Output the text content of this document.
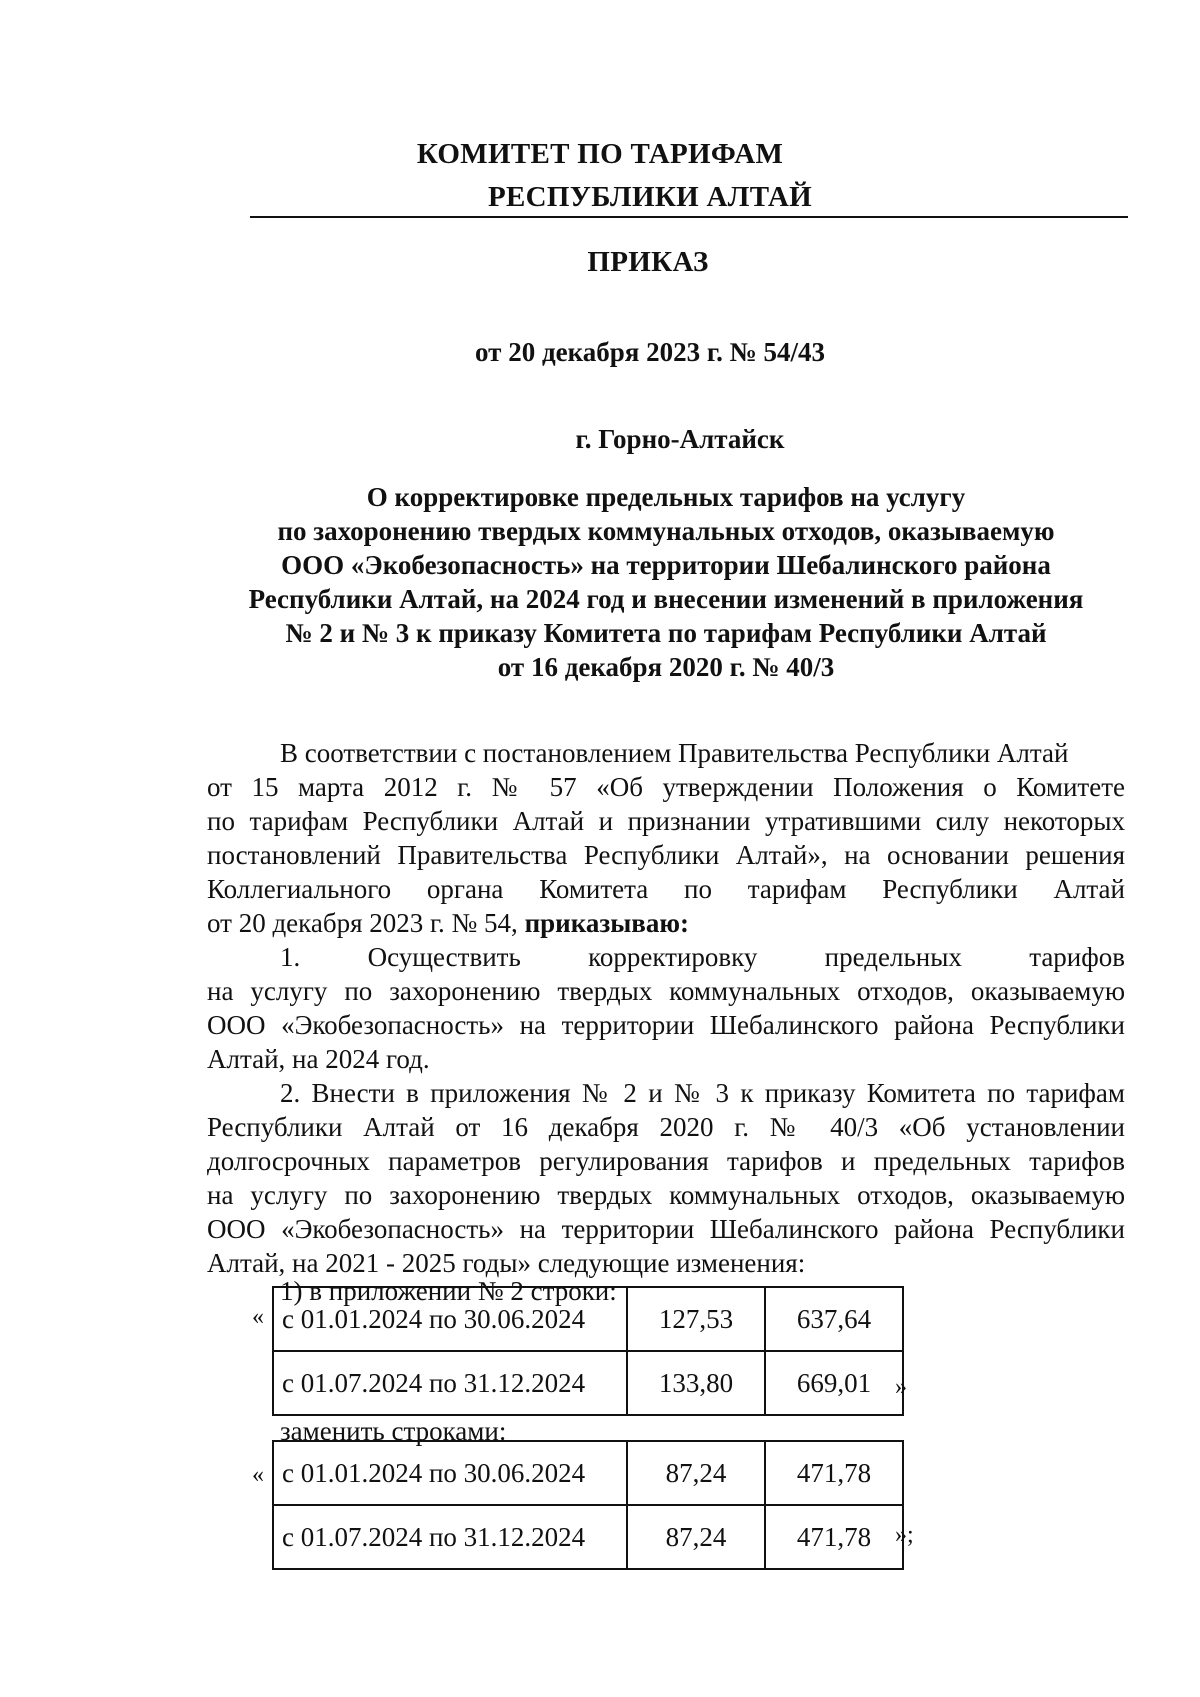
КОМИТЕТ ПО ТАРИФАМ
РЕСПУБЛИКИ АЛТАЙ
ПРИКАЗ
от 20 декабря 2023 г. № 54/43
г. Горно-Алтайск
О корректировке предельных тарифов на услугу
по захоронению твердых коммунальных отходов, оказываемую
ООО «Экобезопасность» на территории Шебалинского района
Республики Алтай, на 2024 год и внесении изменений в приложения
№ 2 и № 3 к приказу Комитета по тарифам Республики Алтай
от 16 декабря 2020 г. № 40/3
В соответствии с постановлением Правительства Республики Алтай
от 15 марта 2012 г. № 57 «Об утверждении Положения о Комитете
по тарифам Республики Алтай и признании утратившими силу некоторых
постановлений Правительства Республики Алтай», на основании решения
Коллегиального органа Комитета по тарифам Республики Алтай
от 20 декабря 2023 г. № 54, приказываю:
1. Осуществить корректировку предельных тарифов
на услугу по захоронению твердых коммунальных отходов, оказываемую
ООО «Экобезопасность» на территории Шебалинского района Республики
Алтай, на 2024 год.
2. Внести в приложения № 2 и № 3 к приказу Комитета по тарифам
Республики Алтай от 16 декабря 2020 г. № 40/3 «Об установлении
долгосрочных параметров регулирования тарифов и предельных тарифов
на услугу по захоронению твердых коммунальных отходов, оказываемую
ООО «Экобезопасность» на территории Шебалинского района Республики
Алтай, на 2021 - 2025 годы» следующие изменения:
1) в приложении № 2 строки:
« с 01.01.2024 по 30.06.2024	127,53	637,64
с 01.07.2024 по 31.12.2024	133,80	669,01 »
заменить строками:
« с 01.01.2024 по 30.06.2024	87,24	471,78
с 01.07.2024 по 31.12.2024	87,24	471,78 »;
